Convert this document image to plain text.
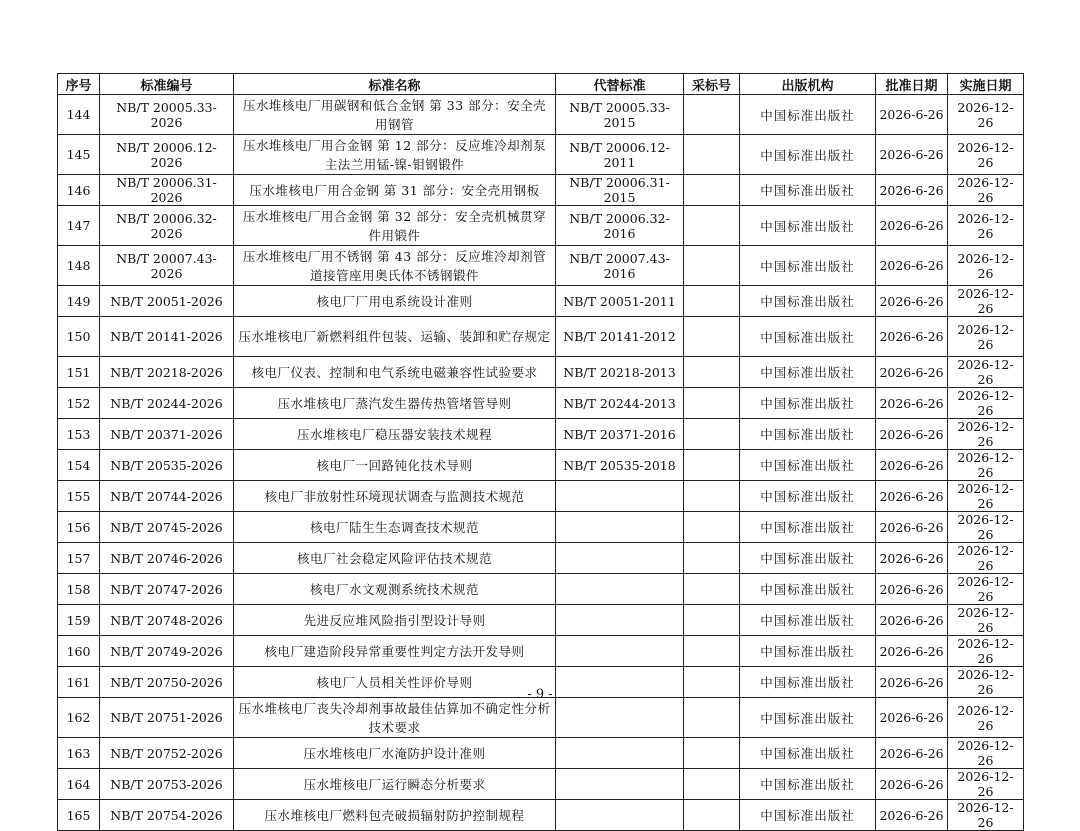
序号	标准编号	标准名称	代替标准	采标号	出版机构	批准日期	实施日期
144	NB/T 20005.33-2026	压水堆核电厂用碳钢和低合金钢 第 33 部分：安全壳用钢管	NB/T 20005.33-2015		中国标准出版社	2026-6-26	2026-12-26
145	NB/T 20006.12-2026	压水堆核电厂用合金钢 第 12 部分：反应堆冷却剂泵主法兰用锰-镍-钼钢锻件	NB/T 20006.12-2011		中国标准出版社	2026-6-26	2026-12-26
146	NB/T 20006.31-2026	压水堆核电厂用合金钢 第 31 部分：安全壳用钢板	NB/T 20006.31-2015		中国标准出版社	2026-6-26	2026-12-26
147	NB/T 20006.32-2026	压水堆核电厂用合金钢 第 32 部分：安全壳机械贯穿件用锻件	NB/T 20006.32-2016		中国标准出版社	2026-6-26	2026-12-26
148	NB/T 20007.43-2026	压水堆核电厂用不锈钢 第 43 部分：反应堆冷却剂管道接管座用奥氏体不锈钢锻件	NB/T 20007.43-2016		中国标准出版社	2026-6-26	2026-12-26
149	NB/T 20051-2026	核电厂厂用电系统设计准则	NB/T 20051-2011		中国标准出版社	2026-6-26	2026-12-26
150	NB/T 20141-2026	压水堆核电厂新燃料组件包装、运输、装卸和贮存规定	NB/T 20141-2012		中国标准出版社	2026-6-26	2026-12-26
151	NB/T 20218-2026	核电厂仪表、控制和电气系统电磁兼容性试验要求	NB/T 20218-2013		中国标准出版社	2026-6-26	2026-12-26
152	NB/T 20244-2026	压水堆核电厂蒸汽发生器传热管堵管导则	NB/T 20244-2013		中国标准出版社	2026-6-26	2026-12-26
153	NB/T 20371-2026	压水堆核电厂稳压器安装技术规程	NB/T 20371-2016		中国标准出版社	2026-6-26	2026-12-26
154	NB/T 20535-2026	核电厂一回路钝化技术导则	NB/T 20535-2018		中国标准出版社	2026-6-26	2026-12-26
155	NB/T 20744-2026	核电厂非放射性环境现状调查与监测技术规范			中国标准出版社	2026-6-26	2026-12-26
156	NB/T 20745-2026	核电厂陆生生态调查技术规范			中国标准出版社	2026-6-26	2026-12-26
157	NB/T 20746-2026	核电厂社会稳定风险评估技术规范			中国标准出版社	2026-6-26	2026-12-26
158	NB/T 20747-2026	核电厂水文观测系统技术规范			中国标准出版社	2026-6-26	2026-12-26
159	NB/T 20748-2026	先进反应堆风险指引型设计导则			中国标准出版社	2026-6-26	2026-12-26
160	NB/T 20749-2026	核电厂建造阶段异常重要性判定方法开发导则			中国标准出版社	2026-6-26	2026-12-26
161	NB/T 20750-2026	核电厂人员相关性评价导则			中国标准出版社	2026-6-26	2026-12-26
162	NB/T 20751-2026	压水堆核电厂丧失冷却剂事故最佳估算加不确定性分析技术要求			中国标准出版社	2026-6-26	2026-12-26
163	NB/T 20752-2026	压水堆核电厂水淹防护设计准则			中国标准出版社	2026-6-26	2026-12-26
164	NB/T 20753-2026	压水堆核电厂运行瞬态分析要求			中国标准出版社	2026-6-26	2026-12-26
165	NB/T 20754-2026	压水堆核电厂燃料包壳破损辐射防护控制规程			中国标准出版社	2026-6-26	2026-12-26
- 9 -
